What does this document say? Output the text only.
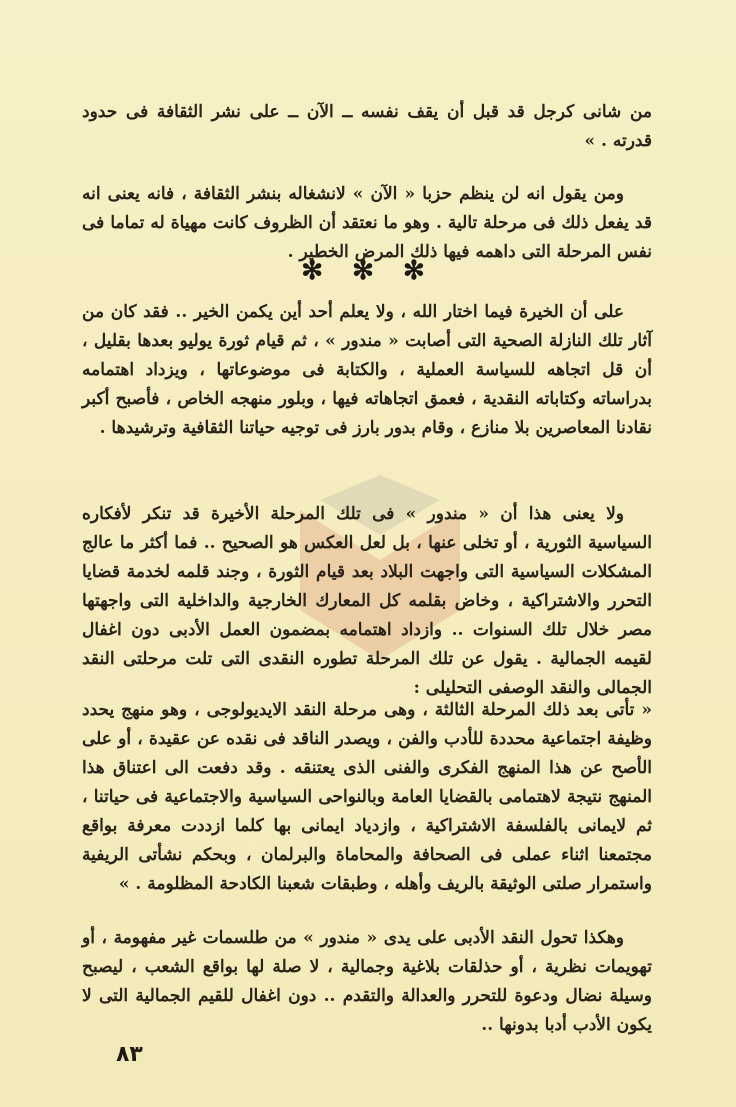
من شانى كرجل قد قبل أن يقف نفسه ــ الآن ــ على نشر الثقافة فى حدود قدرته . »

ومن يقول انه لن ينظم حزبا « الآن » لانشغاله بنشر الثقافة ، فانه يعنى انه قد يفعل ذلك فى مرحلة تالية . وهو ما نعتقد أن الظروف كانت مهياة له تماما فى نفس المرحلة التى داهمه فيها ذلك المرض الخطير .

✻ ✻ ✻

على أن الخيرة فيما اختار الله ، ولا يعلم أحد أين يكمن الخير .. فقد كان من آثار تلك النازلة الصحية التى أصابت « مندور » ، ثم قيام ثورة يوليو بعدها بقليل ، أن قل اتجاهه للسياسة العملية ، والكتابة فى موضوعاتها ، ويزداد اهتمامه بدراساته وكتاباته النقدية ، فعمق اتجاهاته فيها ، وبلور منهجه الخاص ، فأصبح أكبر نقادنا المعاصرين بلا منازع ، وقام بدور بارز فى توجيه حياتنا الثقافية وترشيدها .

ولا يعنى هذا أن « مندور » فى تلك المرحلة الأخيرة قد تنكر لأفكاره السياسية الثورية ، أو تخلى عنها ، بل لعل العكس هو الصحيح .. فما أكثر ما عالج المشكلات السياسية التى واجهت البلاد بعد قيام الثورة ، وجند قلمه لخدمة قضايا التحرر والاشتراكية ، وخاض بقلمه كل المعارك الخارجية والداخلية التى واجهتها مصر خلال تلك السنوات .. وازداد اهتمامه بمضمون العمل الأدبى دون اغفال لقيمه الجمالية . يقول عن تلك المرحلة تطوره النقدى التى تلت مرحلتى النقد الجمالى والنقد الوصفى التحليلى :

« تأتى بعد ذلك المرحلة الثالثة ، وهى مرحلة النقد الايديولوجى ، وهو منهج يحدد وظيفة اجتماعية محددة للأدب والفن ، ويصدر الناقد فى نقده عن عقيدة ، أو على الأصح عن هذا المنهج الفكرى والفنى الذى يعتنقه . وقد دفعت الى اعتناق هذا المنهج نتيجة لاهتمامى بالقضايا العامة وبالنواحى السياسية والاجتماعية فى حياتنا ، ثم لايمانى بالفلسفة الاشتراكية ، وازدياد ايمانى بها كلما ازددت معرفة بواقع مجتمعنا اثناء عملى فى الصحافة والمحاماة والبرلمان ، وبحكم نشأتى الريفية واستمرار صلتى الوثيقة بالريف وأهله ، وطبقات شعبنا الكادحة المظلومة . »

وهكذا تحول النقد الأدبى على يدى « مندور » من طلسمات غير مفهومة ، أو تهويمات نظرية ، أو حذلقات بلاغية وجمالية ، لا صلة لها بواقع الشعب ، ليصبح وسيلة نضال ودعوة للتحرر والعدالة والتقدم .. دون اغفال للقيم الجمالية التى لا يكون الأدب أدبا بدونها ..

٨٣
